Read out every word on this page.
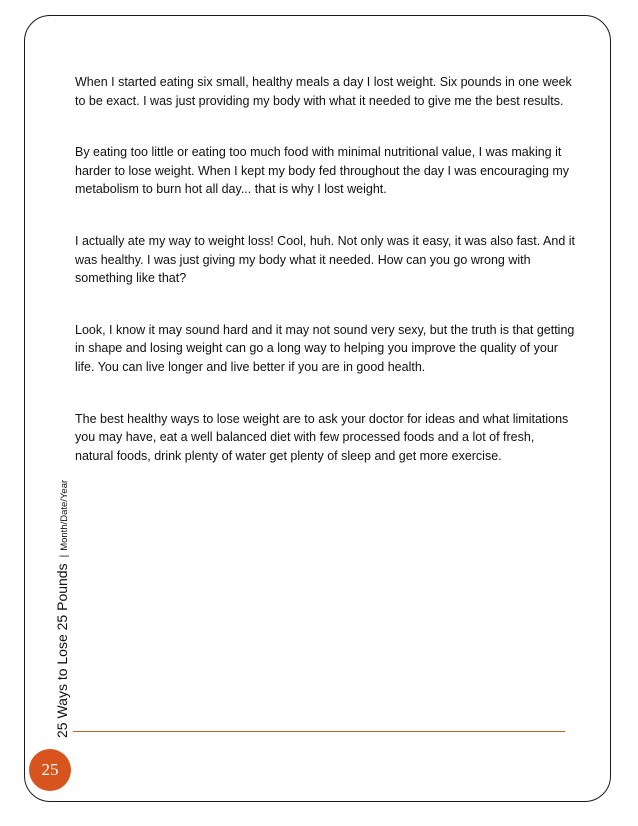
When I started eating six small, healthy meals a day I lost weight. Six pounds in one week to be exact. I was just providing my body with what it needed to give me the best results.

By eating too little or eating too much food with minimal nutritional value, I was making it harder to lose weight. When I kept my body fed throughout the day I was encouraging my metabolism to burn hot all day... that is why I lost weight.

I actually ate my way to weight loss! Cool, huh. Not only was it easy, it was also fast. And it was healthy. I was just giving my body what it needed. How can you go wrong with something like that?

Look, I know it may sound hard and it may not sound very sexy, but the truth is that getting in shape and losing weight can go a long way to helping you improve the quality of your life. You can live longer and live better if you are in good health.

The best healthy ways to lose weight are to ask your doctor for ideas and what limitations you may have, eat a well balanced diet with few processed foods and a lot of fresh, natural foods, drink plenty of water get plenty of sleep and get more exercise.

25 Ways to Lose 25 Pounds|Month/Date/Year
25
